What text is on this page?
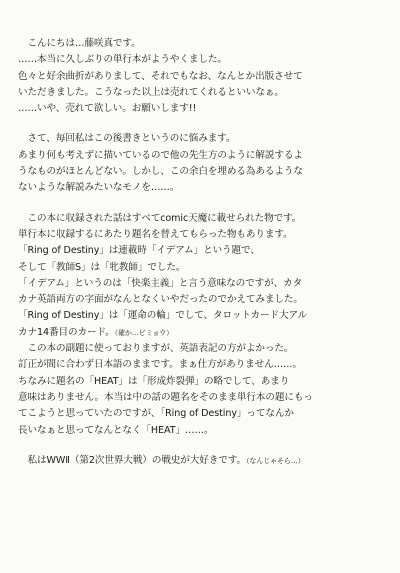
　こんにちは…藤咲真です。
……本当に久しぶりの単行本がようやくました。
色々と好余曲折がありまして、それでもなお、なんとか出版させて
いただきました。こうなった以上は売れてくれるといいなぁ。
……いや、売れて欲しい。お願いします!!
　さて、毎回私はこの後書きというのに悩みます。
あまり何も考えずに描いているので他の先生方のように解説するよ
うなものがほとんどない。しかし、この余白を埋める為あるような
ないような解説みたいなモノを……。
　この本に収録された話はすべてcomic天魔に載せられた物です。
単行本に収録するにあたり題名を替えてもらった物もあります。
「Ring of Destiny」は連載時「イデアム」という題で、
そして「教師S」は「牝教師」でした。
「イデアム」というのは「快楽主義」と言う意味なのですが、カタ
カナ英語両方の字面がなんとなくいやだったのでかえてみました。
「Ring of Destiny」は「運命の輪」でして、タロットカード大アル
カナ14番目のカード。（確か…ビミョウ）
　この本の副題に使っておりますが、英語表記の方がよかった。
訂正が間に合わず日本語のままです。まぁ仕方がありません……。
ちなみに題名の「HEAT」は「形成炸裂弾」の略でして、あまり
意味はありません。本当は中の話の題名をそのまま単行本の題にもっ
てこようと思っていたのですが、「Ring of Destiny」ってなんか
長いなぁと思ってなんとなく「HEAT」……。
　私はWWⅡ（第2次世界大戦）の戦史が大好きです。（なんじゃそら…）
